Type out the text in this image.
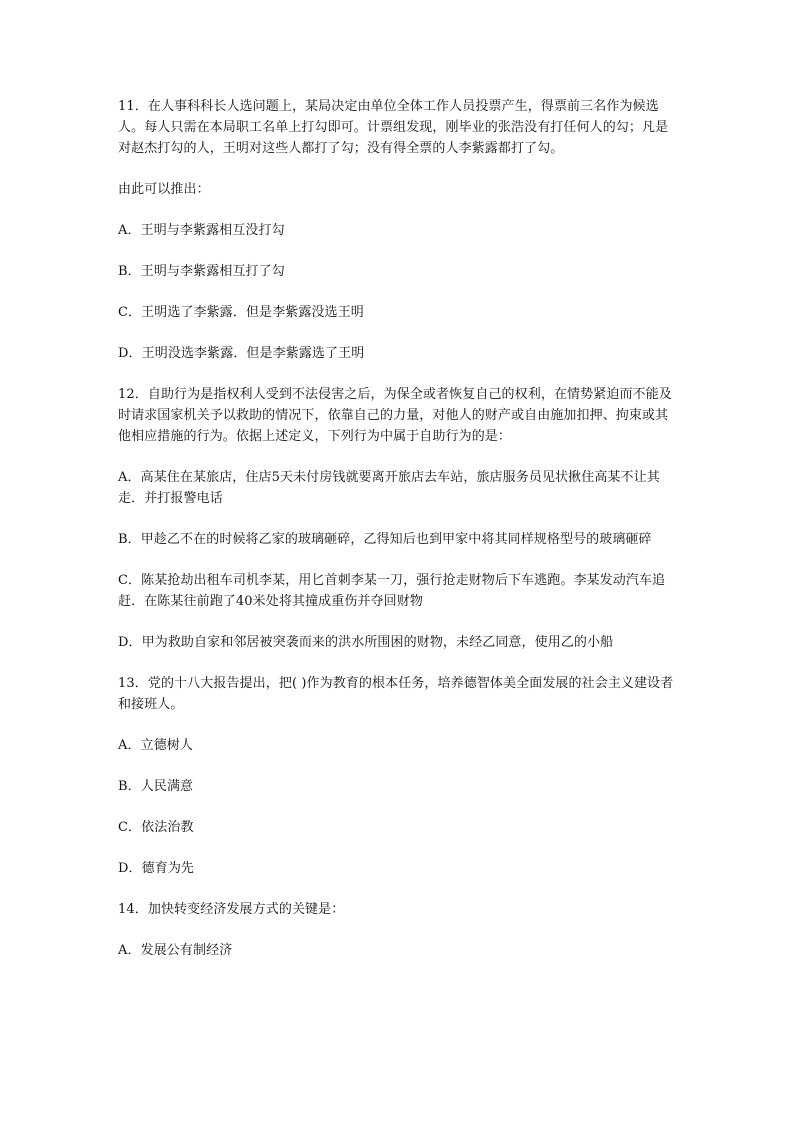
11．在人事科科长人选问题上，某局决定由单位全体工作人员投票产生，得票前三名作为候选人。每人只需在本局职工名单上打勾即可。计票组发现，刚毕业的张浩没有打任何人的勾；凡是对赵杰打勾的人，王明对这些人都打了勾；没有得全票的人李紫露都打了勾。

由此可以推出：

A．王明与李紫露相互没打勾

B．王明与李紫露相互打了勾

C．王明选了李紫露．但是李紫露没选王明

D．王明没选李紫露．但是李紫露选了王明

12．自助行为是指权利人受到不法侵害之后，为保全或者恢复自己的权利，在情势紧迫而不能及时请求国家机关予以救助的情况下，依靠自己的力量，对他人的财产或自由施加扣押、拘束或其他相应措施的行为。依据上述定义，下列行为中属于自助行为的是：

A．高某住在某旅店，住店5天未付房钱就要离开旅店去车站，旅店服务员见状揪住高某不让其走．并打报警电话

B．甲趁乙不在的时候将乙家的玻璃砸碎，乙得知后也到甲家中将其同样规格型号的玻璃砸碎

C．陈某抢劫出租车司机李某，用匕首刺李某一刀，强行抢走财物后下车逃跑。李某发动汽车追赶．在陈某往前跑了40米处将其撞成重伤并夺回财物

D．甲为救助自家和邻居被突袭而来的洪水所围困的财物，未经乙同意，使用乙的小船

13．党的十八大报告提出，把( )作为教育的根本任务，培养德智体美全面发展的社会主义建设者和接班人。

A．立德树人

B．人民满意

C．依法治教

D．德育为先

14．加快转变经济发展方式的关键是：

A．发展公有制经济
